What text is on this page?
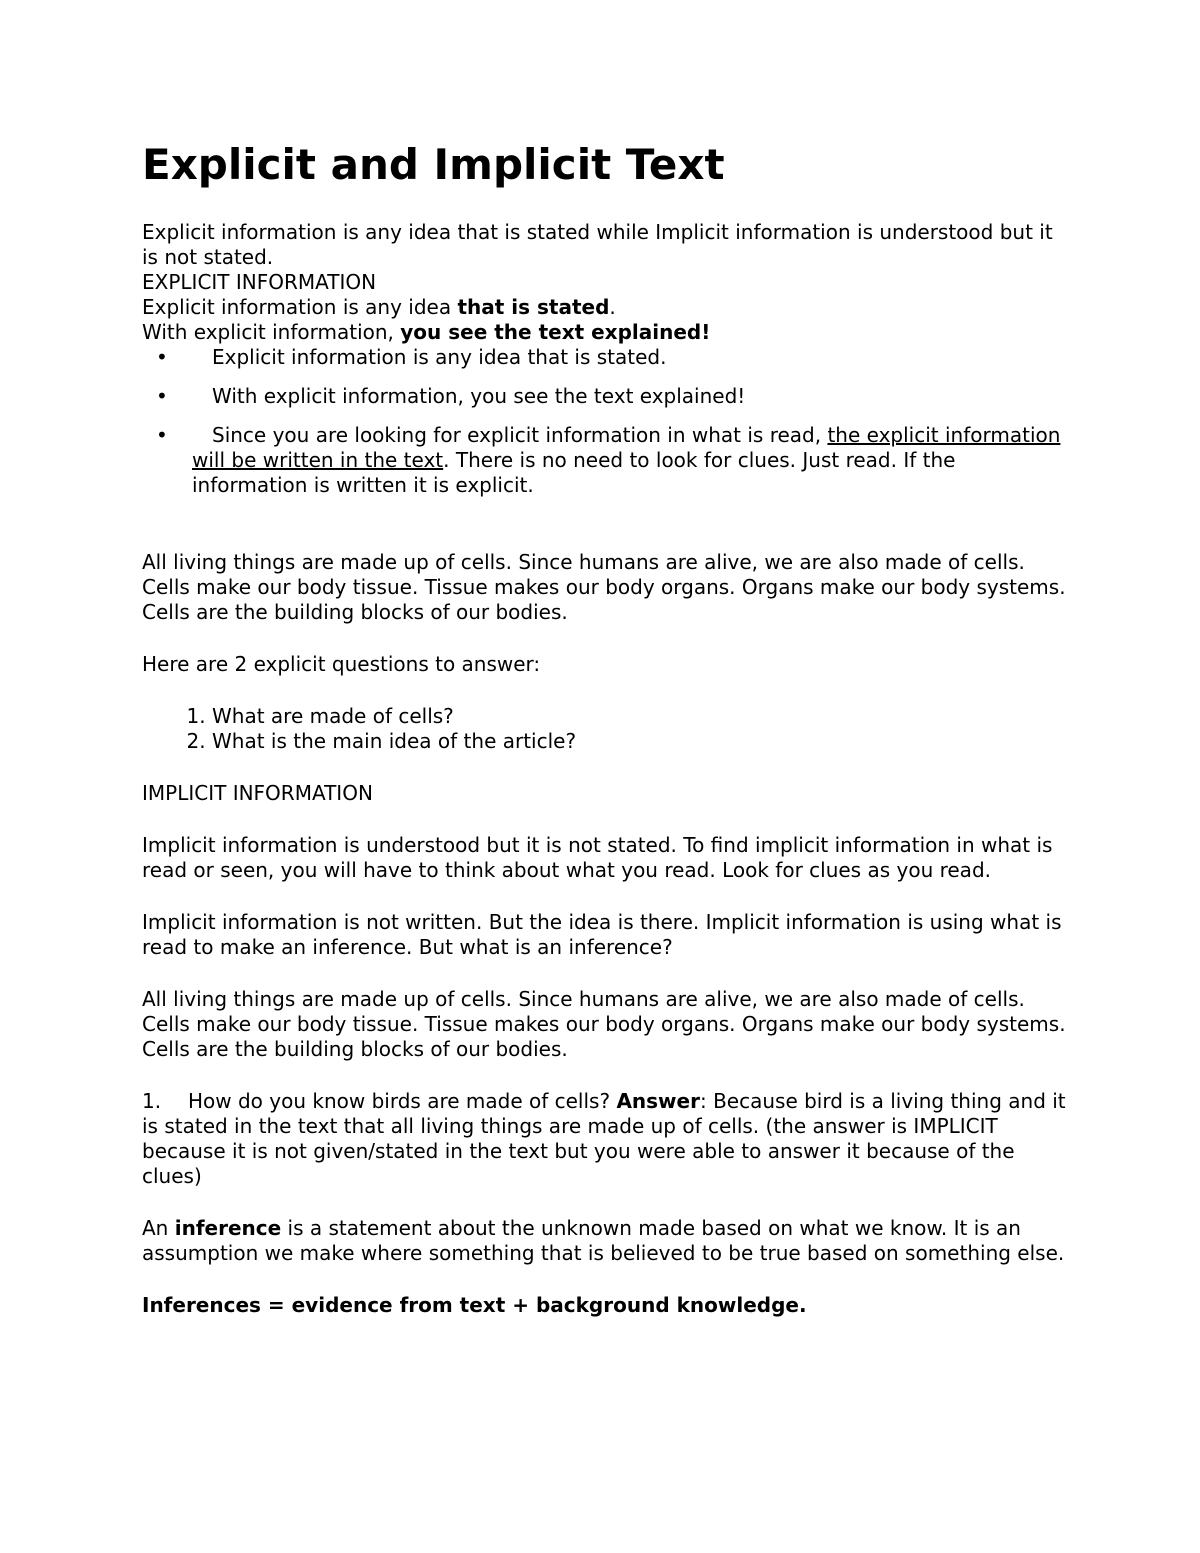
Explicit and Implicit Text

Explicit information is any idea that is stated while Implicit information is understood but it is not stated.

EXPLICIT INFORMATION

Explicit information is any idea that is stated.

With explicit information, you see the text explained!

• Explicit information is any idea that is stated.
• With explicit information, you see the text explained!
• Since you are looking for explicit information in what is read, the explicit information will be written in the text. There is no need to look for clues. Just read. If the information is written it is explicit.

All living things are made up of cells. Since humans are alive, we are also made of cells. Cells make our body tissue. Tissue makes our body organs. Organs make our body systems. Cells are the building blocks of our bodies.

Here are 2 explicit questions to answer:

1. What are made of cells?
2. What is the main idea of the article?

IMPLICIT INFORMATION

Implicit information is understood but it is not stated. To find implicit information in what is read or seen, you will have to think about what you read. Look for clues as you read.

Implicit information is not written. But the idea is there. Implicit information is using what is read to make an inference. But what is an inference?

All living things are made up of cells. Since humans are alive, we are also made of cells. Cells make our body tissue. Tissue makes our body organs. Organs make our body systems. Cells are the building blocks of our bodies.

1. How do you know birds are made of cells? Answer: Because bird is a living thing and it is stated in the text that all living things are made up of cells. (the answer is IMPLICIT because it is not given/stated in the text but you were able to answer it because of the clues)

An inference is a statement about the unknown made based on what we know. It is an assumption we make where something that is believed to be true based on something else.

Inferences = evidence from text + background knowledge.
